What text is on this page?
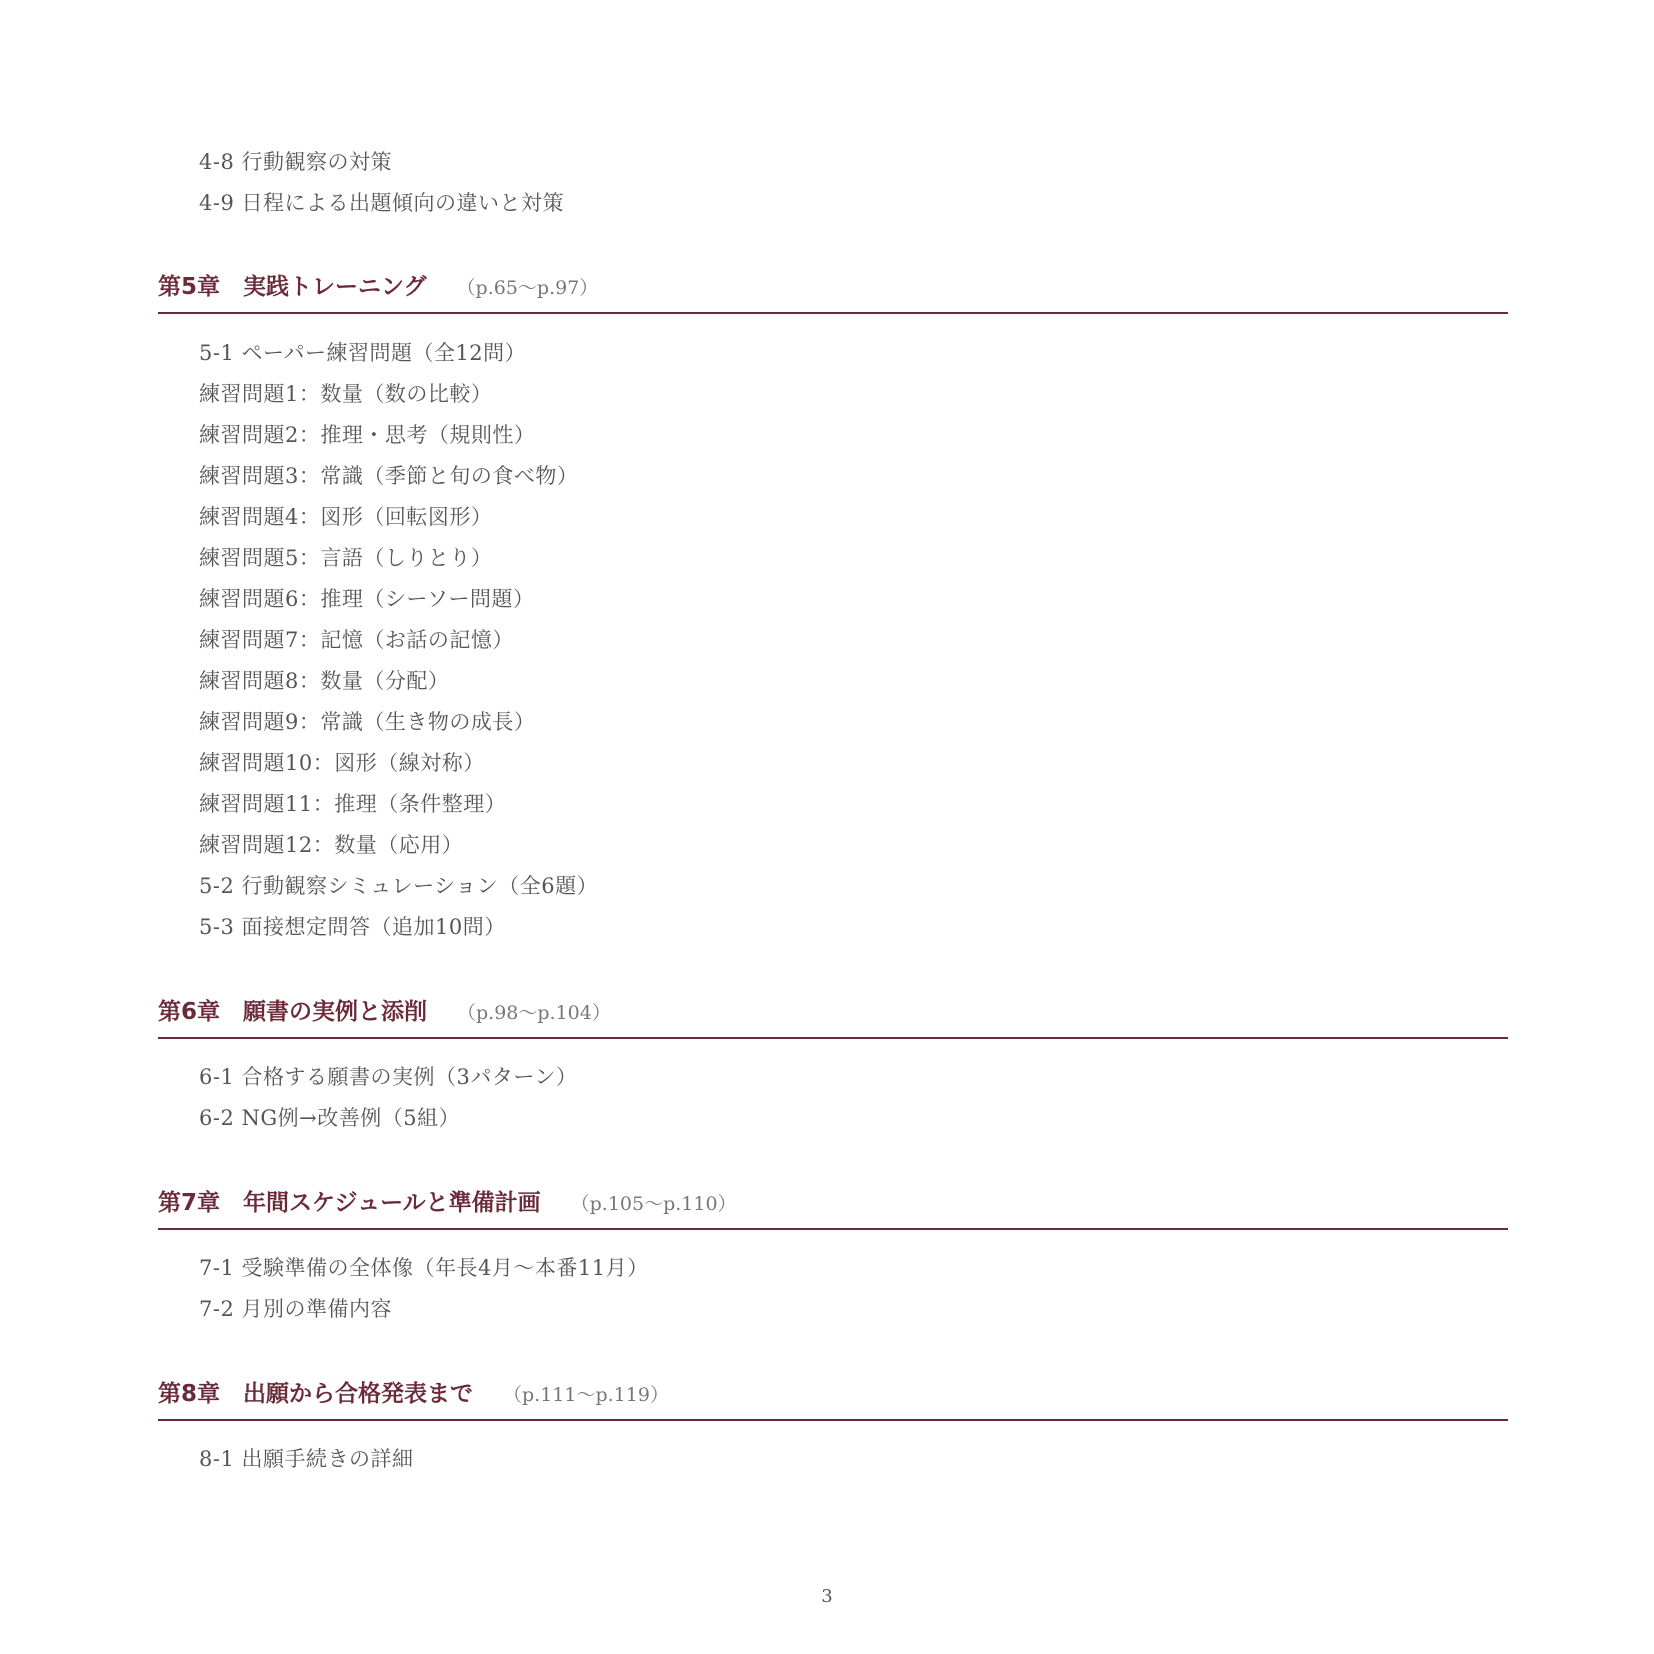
4-8 行動観察の対策
4-9 日程による出題傾向の違いと対策
第5章　実践トレーニング （p.65〜p.97）
5-1 ペーパー練習問題（全12問）
練習問題1：数量（数の比較）
練習問題2：推理・思考（規則性）
練習問題3：常識（季節と旬の食べ物）
練習問題4：図形（回転図形）
練習問題5：言語（しりとり）
練習問題6：推理（シーソー問題）
練習問題7：記憶（お話の記憶）
練習問題8：数量（分配）
練習問題9：常識（生き物の成長）
練習問題10：図形（線対称）
練習問題11：推理（条件整理）
練習問題12：数量（応用）
5-2 行動観察シミュレーション（全6題）
5-3 面接想定問答（追加10問）
第6章　願書の実例と添削 （p.98〜p.104）
6-1 合格する願書の実例（3パターン）
6-2 NG例→改善例（5組）
第7章　年間スケジュールと準備計画 （p.105〜p.110）
7-1 受験準備の全体像（年長4月〜本番11月）
7-2 月別の準備内容
第8章　出願から合格発表まで （p.111〜p.119）
8-1 出願手続きの詳細
3
